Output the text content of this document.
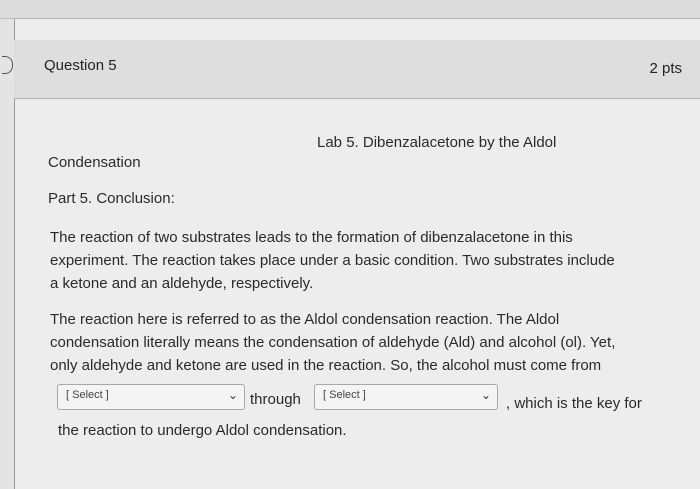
Question 5	2 pts
Lab 5. Dibenzalacetone by the Aldol
Condensation
Part 5. Conclusion:
The reaction of two substrates leads to the formation of dibenzalacetone in this
experiment. The reaction takes place under a basic condition. Two substrates include
a ketone and an aldehyde, respectively.
The reaction here is referred to as the Aldol condensation reaction. The Aldol
condensation literally means the condensation of aldehyde (Ald) and alcohol (ol). Yet,
only aldehyde and ketone are used in the reaction. So, the alcohol must come from
[ Select ]	⌄ through [ Select ]	⌄ , which is the key for
the reaction to undergo Aldol condensation.
